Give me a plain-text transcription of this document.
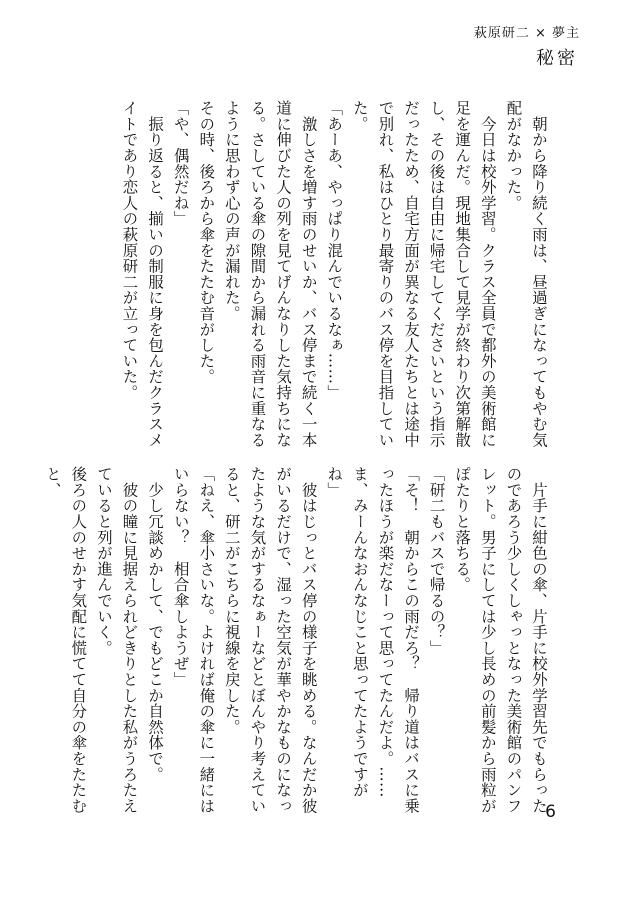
萩原研二 × 夢主
秘密

　朝から降り続く雨は、昼過ぎになってもやむ気配がなかった。

　今日は校外学習。クラス全員で都外の美術館に足を運んだ。現地集合して見学が終わり次第解散し、その後は自由に帰宅してくださいという指示だったため、自宅方面が異なる友人たちとは途中で別れ、私はひとり最寄りのバス停を目指していた。

「あーあ、やっぱり混んでいるなぁ……」

　激しさを増す雨のせいか、バス停まで続く一本道に伸びた人の列を見てげんなりした気持ちになる。さしている傘の隙間から漏れる雨音に重なるように思わず心の声が漏れた。

その時、後ろから傘をたたむ音がした。

「や、偶然だね」

　振り返ると、揃いの制服に身を包んだクラスメイトであり恋人の萩原研二が立っていた。

　片手に紺色の傘、片手に校外学習先でもらったのであろう少しくしゃっとなった美術館のパンフレット。男子にしては少し長めの前髪から雨粒がぽたりと落ちる。

「研二もバスで帰るの？」

「そ！　朝からこの雨だろ？　帰り道はバスに乗ったほうが楽だなーって思ってたんだよ。……ま、みーんなおんなじこと思ってたようですがね」

　彼はじっとバス停の様子を眺める。なんだか彼がいるだけで、湿った空気が華やかなものになったような気がするなぁーなどとぼんやり考えていると、研二がこちらに視線を戻した。

「ねえ、傘小さいな。よければ俺の傘に一緒にはいらない？　相合傘しようぜ」

　少し冗談めかして、でもどこか自然体で。

　彼の瞳に見据えられどきりとした私がうろたえていると列が進んでいく。

後ろの人のせかす気配に慌てて自分の傘をたたむと、

6
